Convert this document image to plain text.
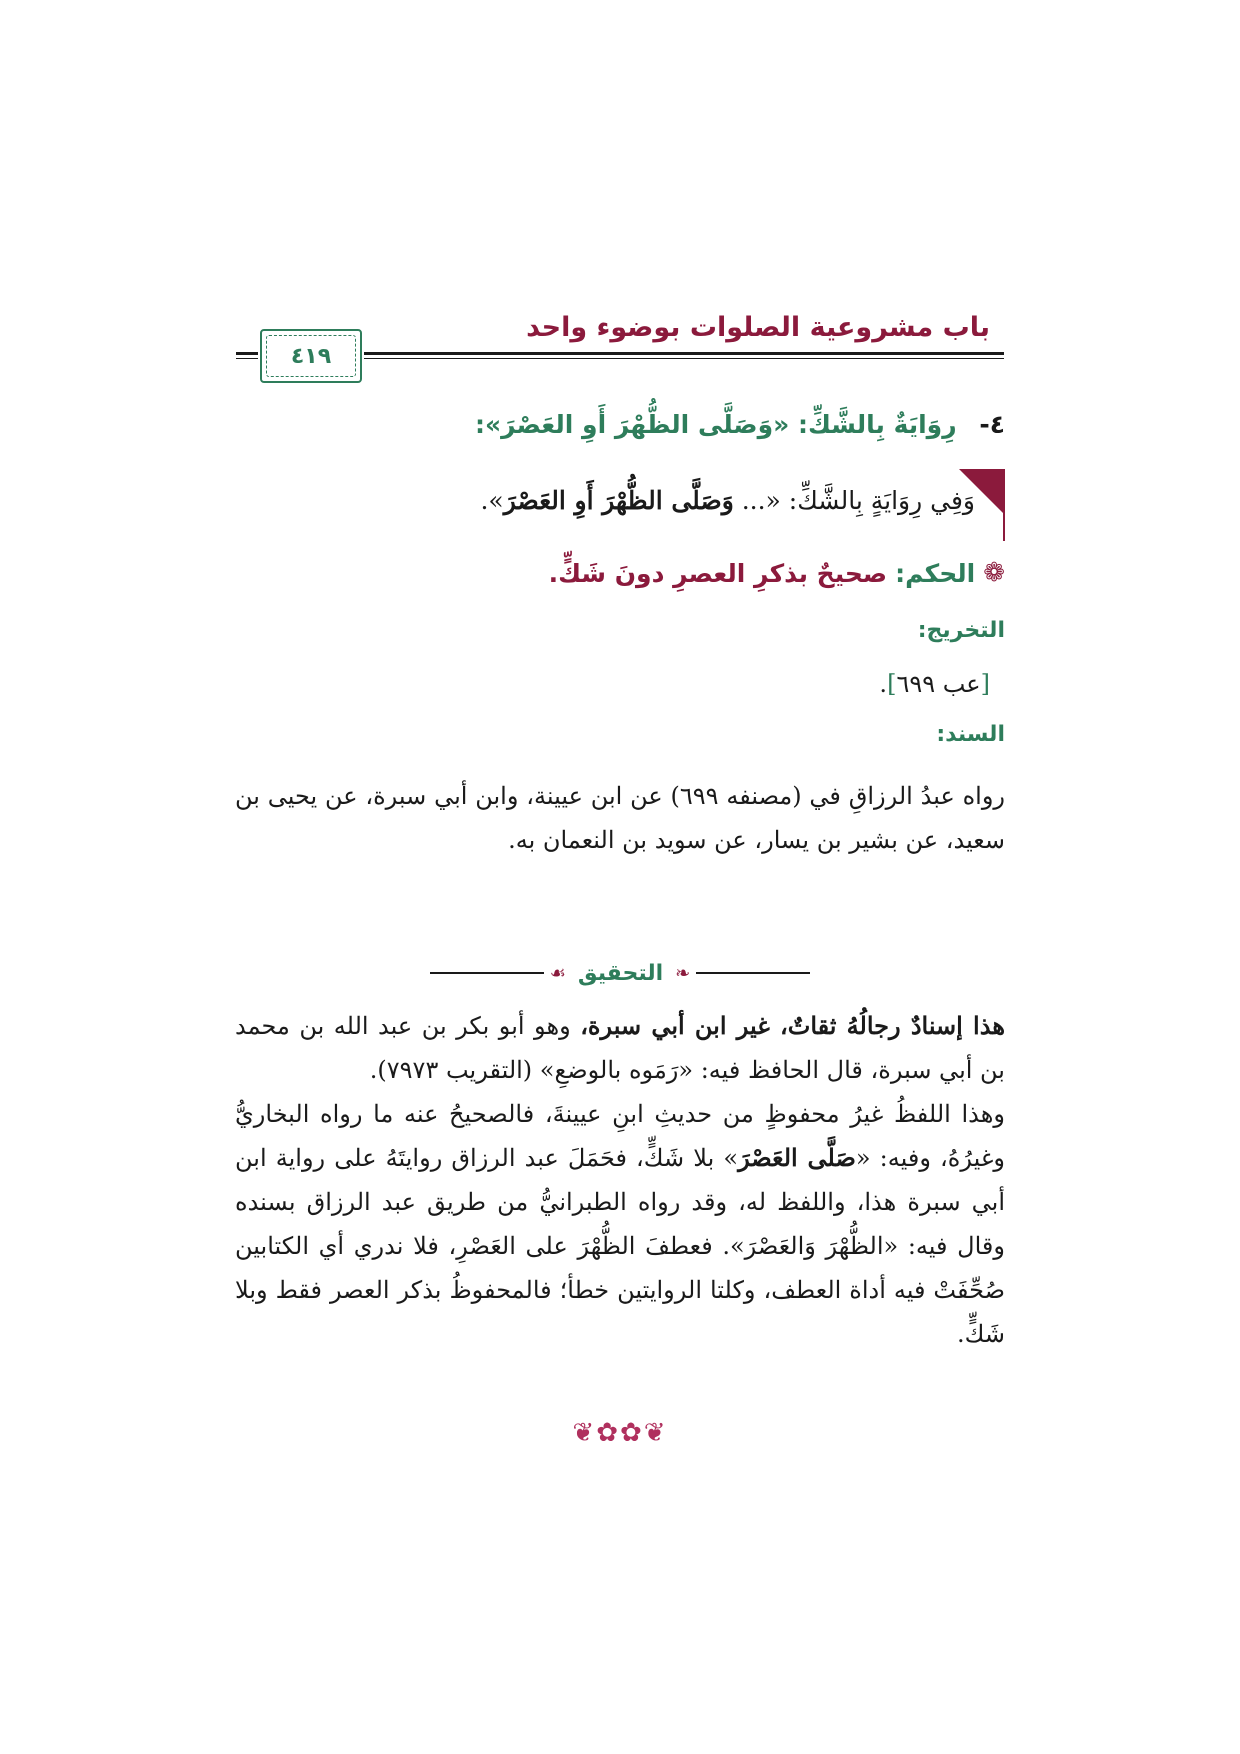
باب مشروعية الصلوات بوضوء واحد
٤١٩
٤- رِوَايَةٌ بِالشَّكِّ: «وَصَلَّى الظُّهْرَ أَوِ العَصْرَ»:
وَفِي رِوَايَةٍ بِالشَّكِّ: «... وَصَلَّى الظُّهْرَ أَوِ العَصْرَ».
❁
الحكم:
صحيحٌ بذكرِ العصرِ دونَ شَكٍّ.
التخريج:
[عب ٦٩٩].
السند:
رواه عبدُ الرزاقِ في (مصنفه ٦٩٩) عن ابن عيينة، وابن أبي سبرة، عن يحيى بن سعيد، عن بشير بن يسار، عن سويد بن النعمان به.
❧
التحقيق
☙
هذا إسنادٌ رجالُهُ ثقاتٌ، غير ابن أبي سبرة، وهو أبو بكر بن عبد الله بن محمد بن أبي سبرة، قال الحافظ فيه: «رَمَوه بالوضعِ» (التقريب ٧٩٧٣).
وهذا اللفظُ غيرُ محفوظٍ من حديثِ ابنِ عيينةَ، فالصحيحُ عنه ما رواه البخاريُّ وغيرُهُ، وفيه: «صَلَّى العَصْرَ» بلا شَكٍّ، فحَمَلَ عبد الرزاق روايتَهُ على رواية ابن أبي سبرة هذا، واللفظ له، وقد رواه الطبرانيُّ من طريق عبد الرزاق بسنده وقال فيه: «الظُّهْرَ وَالعَصْرَ». فعطفَ الظُّهْرَ على العَصْرِ، فلا ندري أي الكتابين صُحِّفَتْ فيه أداة العطف، وكلتا الروايتين خطأ؛ فالمحفوظُ بذكر العصر فقط وبلا شَكٍّ.
❦✿✿❦
